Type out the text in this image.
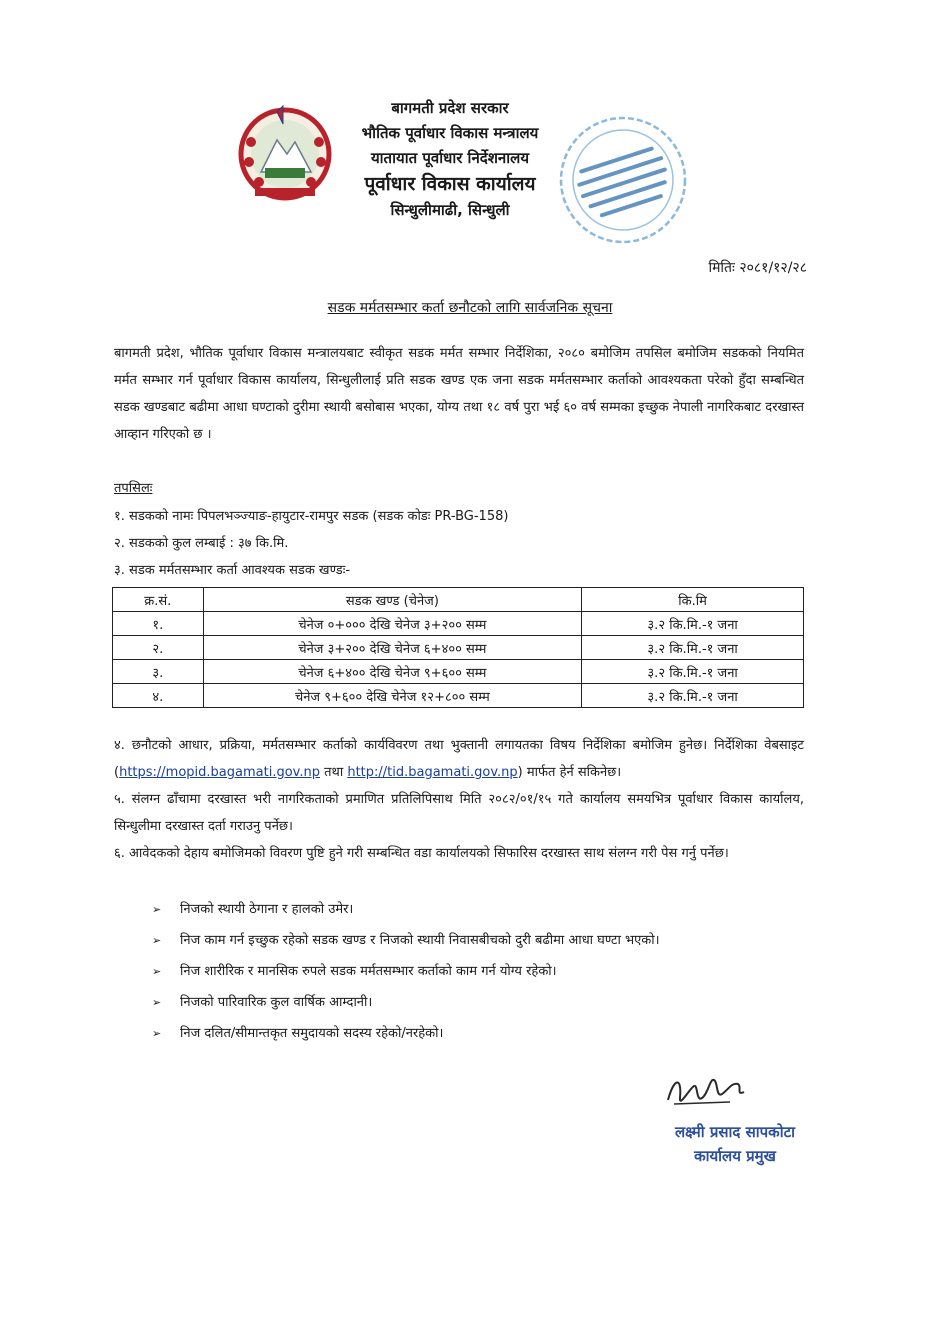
बागमती प्रदेश सरकार
भौतिक पूर्वाधार विकास मन्त्रालय
यातायात पूर्वाधार निर्देशनालय
पूर्वाधार विकास कार्यालय
सिन्धुलीमाढी, सिन्धुली
मितिः २०८१/१२/२८
सडक मर्मतसम्भार कर्ता छनौटको लागि सार्वजनिक सूचना
बागमती प्रदेश, भौतिक पूर्वाधार विकास मन्त्रालयबाट स्वीकृत सडक मर्मत सम्भार निर्देशिका, २०८० बमोजिम तपसिल बमोजिम सडकको नियमित मर्मत सम्भार गर्न पूर्वाधार विकास कार्यालय, सिन्धुलीलाई प्रति सडक खण्ड एक जना सडक मर्मतसम्भार कर्ताको आवश्यकता परेको हुँदा सम्बन्धित सडक खण्डबाट बढीमा आधा घण्टाको दुरीमा स्थायी बसोबास भएका, योग्य तथा १८ वर्ष पुरा भई ६० वर्ष सम्मका इच्छुक नेपाली नागरिकबाट दरखास्त आव्हान गरिएको छ ।
तपसिलः
१. सडकको नामः पिपलभञ्ज्याङ-हायुटार-रामपुर सडक (सडक कोडः PR-BG-158)
२. सडकको कुल लम्बाई : ३७ कि.मि.
३. सडक मर्मतसम्भार कर्ता आवश्यक सडक खण्डः-
क्र.सं.	सडक खण्ड (चेनेज)	कि.मि
१.	चेनेज ०+००० देखि चेनेज ३+२०० सम्म	३.२ कि.मि.-१ जना
२.	चेनेज ३+२०० देखि चेनेज ६+४०० सम्म	३.२ कि.मि.-१ जना
३.	चेनेज ६+४०० देखि चेनेज ९+६०० सम्म	३.२ कि.मि.-१ जना
४.	चेनेज ९+६०० देखि चेनेज १२+८०० सम्म	३.२ कि.मि.-१ जना
४. छनौटको आधार, प्रक्रिया, मर्मतसम्भार कर्ताको कार्यविवरण तथा भुक्तानी लगायतका विषय निर्देशिका बमोजिम हुनेछ। निर्देशिका वेबसाइट (https://mopid.bagamati.gov.np तथा http://tid.bagamati.gov.np) मार्फत हेर्न सकिनेछ।
५. संलग्न ढाँचामा दरखास्त भरी नागरिकताको प्रमाणित प्रतिलिपिसाथ मिति २०८२/०१/१५ गते कार्यालय समयभित्र पूर्वाधार विकास कार्यालय, सिन्धुलीमा दरखास्त दर्ता गराउनु पर्नेछ।
६. आवेदकको देहाय बमोजिमको विवरण पुष्टि हुने गरी सम्बन्धित वडा कार्यालयको सिफारिस दरखास्त साथ संलग्न गरी पेस गर्नु पर्नेछ।
➢ निजको स्थायी ठेगाना र हालको उमेर।
➢ निज काम गर्न इच्छुक रहेको सडक खण्ड र निजको स्थायी निवासबीचको दुरी बढीमा आधा घण्टा भएको।
➢ निज शारीरिक र मानसिक रुपले सडक मर्मतसम्भार कर्ताको काम गर्न योग्य रहेको।
➢ निजको पारिवारिक कुल वार्षिक आम्दानी।
➢ निज दलित/सीमान्तकृत समुदायको सदस्य रहेको/नरहेको।
लक्ष्मी प्रसाद सापकोटा
कार्यालय प्रमुख
